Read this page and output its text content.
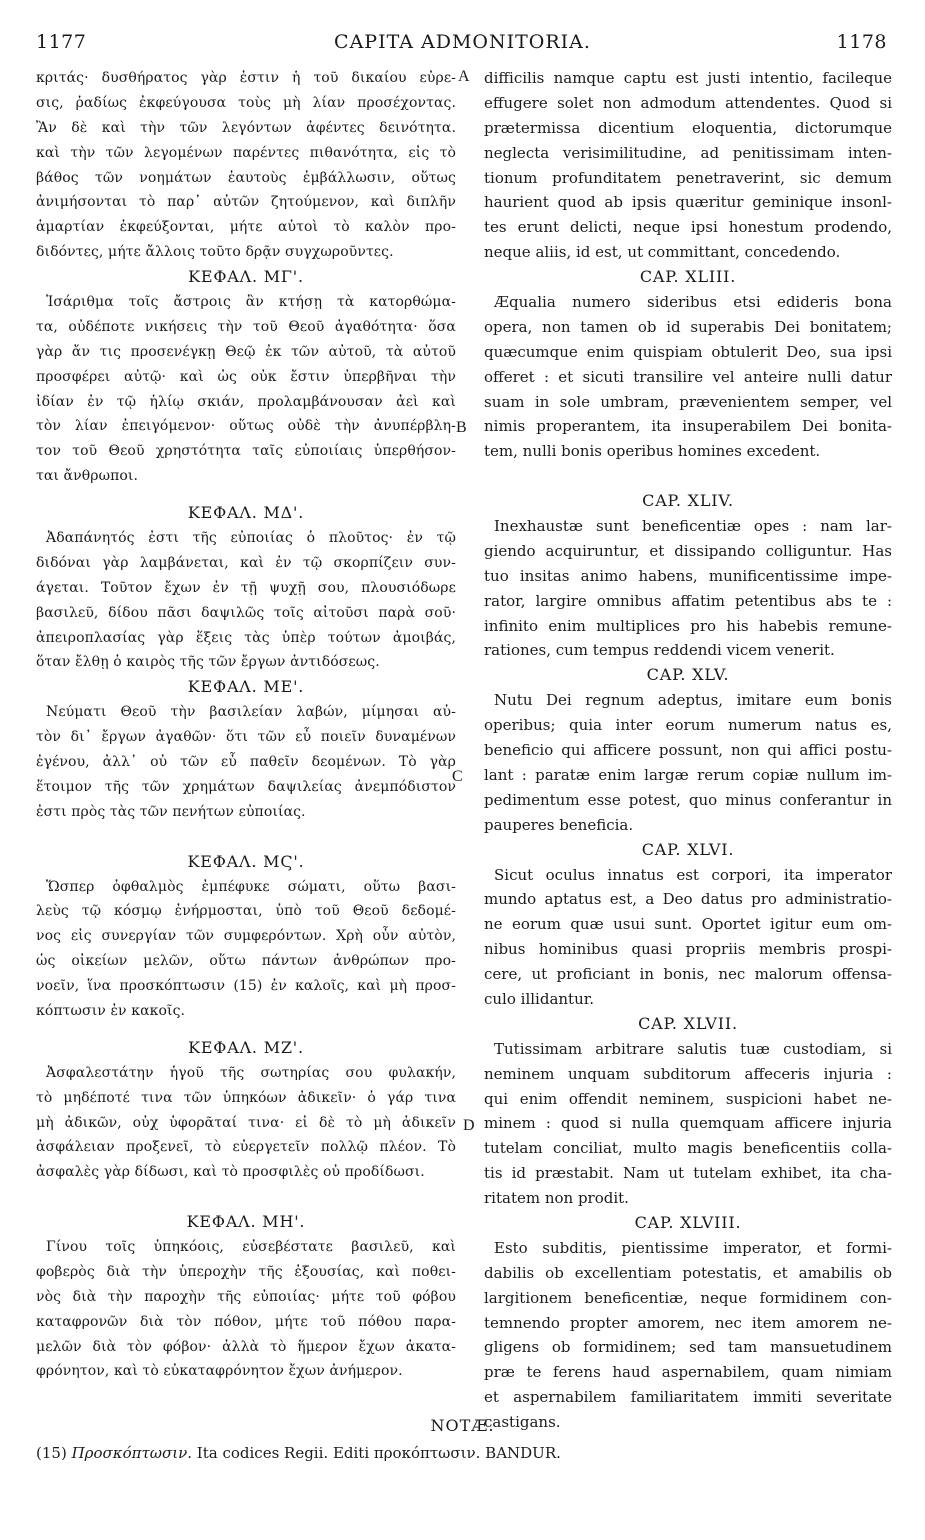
1177	CAPITA ADMONITORIA.	1178
κριτάς· δυσθήρατος γὰρ ἐστιν ἡ τοῦ δικαίου εὐρε-
σις, ῥαδίως ἐκφεύγουσα τοὺς μὴ λίαν προσέχοντας.
Ἂν δὲ καὶ τὴν τῶν λεγόντων ἀφέντες δεινότητα.
καὶ τὴν τῶν λεγομένων παρέντες πιθανότητα, εἰς τὸ
βάθος τῶν νοημάτων ἑαυτοὺς ἐμβάλλωσιν, οὕτως
ἀνιμήσονται τὸ παρ᾽ αὐτῶν ζητούμενον, καὶ διπλῆν
ἁμαρτίαν ἐκφεύξονται, μήτε αὐτοὶ τὸ καλὸν προ-
διδόντες, μήτε ἄλλοις τοῦτο δρᾷν συγχωροῦντες.
ΚΕΦΑΛ. ΜΓ'.
Ἰσάριθμα τοῖς ἄστροις ἂν κτήσῃ τὰ κατορθώμα-
τα, οὐδέποτε νικήσεις τὴν τοῦ Θεοῦ ἀγαθότητα· ὅσα
γὰρ ἄν τις προσενέγκῃ Θεῷ ἐκ τῶν αὐτοῦ, τὰ αὐτοῦ
προσφέρει αὐτῷ· καὶ ὡς οὐκ ἔστιν ὑπερβῆναι τὴν
ἰδίαν ἐν τῷ ἡλίῳ σκιάν, προλαμβάνουσαν ἀεὶ καὶ
τὸν λίαν ἐπειγόμενον· οὕτως οὐδὲ τὴν ἀνυπέρβλη-
τον τοῦ Θεοῦ χρηστότητα ταῖς εὐποιίαις ὑπερθήσον-
ται ἄνθρωποι.
ΚΕΦΑΛ. ΜΔ'.
Ἀδαπάνητός ἐστι τῆς εὐποιίας ὁ πλοῦτος· ἐν τῷ
διδόναι γὰρ λαμβάνεται, καὶ ἐν τῷ σκορπίζειν συν-
άγεται. Τοῦτον ἔχων ἐν τῇ ψυχῇ σου, πλουσιόδωρε
βασιλεῦ, δίδου πᾶσι δαψιλῶς τοῖς αἰτοῦσι παρὰ σοῦ·
ἀπειροπλασίας γὰρ ἕξεις τὰς ὑπὲρ τούτων ἀμοιβάς,
ὅταν ἔλθῃ ὁ καιρὸς τῆς τῶν ἔργων ἀντιδόσεως.
ΚΕΦΑΛ. ΜΕ'.
Νεύματι Θεοῦ τὴν βασιλείαν λαβών, μίμησαι αὐ-
τὸν δι᾽ ἔργων ἀγαθῶν· ὅτι τῶν εὖ ποιεῖν δυναμένων
ἐγένου, ἀλλ᾽ οὐ τῶν εὖ παθεῖν δεομένων. Τὸ γὰρ
ἕτοιμον τῆς τῶν χρημάτων δαψιλείας ἀνεμπόδιστον
ἐστι πρὸς τὰς τῶν πενήτων εὐποιίας.
ΚΕΦΑΛ. ΜϚ'.
Ὥσπερ ὀφθαλμὸς ἐμπέφυκε σώματι, οὕτω βασι-
λεὺς τῷ κόσμῳ ἐνήρμοσται, ὑπὸ τοῦ Θεοῦ δεδομέ-
νος εἰς συνεργίαν τῶν συμφερόντων. Χρὴ οὖν αὐτὸν,
ὡς οἰκείων μελῶν, οὕτω πάντων ἀνθρώπων προ-
νοεῖν, ἵνα προσκόπτωσιν (15) ἐν καλοῖς, καὶ μὴ προσ-
κόπτωσιν ἐν κακοῖς.
ΚΕΦΑΛ. ΜΖ'.
Ἀσφαλεστάτην ἡγοῦ τῆς σωτηρίας σου φυλακήν,
τὸ μηδέποτέ τινα τῶν ὑπηκόων ἀδικεῖν· ὁ γάρ τινα
μὴ ἀδικῶν, οὐχ ὑφορᾶταί τινα· εἰ δὲ τὸ μὴ ἀδικεῖν
ἀσφάλειαν προξενεῖ, τὸ εὐεργετεῖν πολλῷ πλέον. Τὸ
ἀσφαλὲς γὰρ δίδωσι, καὶ τὸ προσφιλὲς οὐ προδίδωσι.
ΚΕΦΑΛ. ΜΗ'.
Γίνου τοῖς ὑπηκόοις, εὐσεβέστατε βασιλεῦ, καὶ
φοβερὸς διὰ τὴν ὑπεροχὴν τῆς ἐξουσίας, καὶ ποθει-
νὸς διὰ τὴν παροχὴν τῆς εὐποιίας· μήτε τοῦ φόβου
καταφρονῶν διὰ τὸν πόθον, μήτε τοῦ πόθου παρα-
μελῶν διὰ τὸν φόβον· ἀλλὰ τὸ ἥμερον ἔχων ἀκατα-
φρόνητον, καὶ τὸ εὐκαταφρόνητον ἔχων ἀνήμερον.
difficilis namque captu est justi intentio, facileque
effugere solet non admodum attendentes. Quod si
prætermissa dicentium eloquentia, dictorumque
neglecta verisimilitudine, ad penitissimam inten-
tionum profunditatem penetraverint, sic demum
haurient quod ab ipsis quæritur geminique insonl-
tes erunt delicti, neque ipsi honestum prodendo,
neque aliis, id est, ut committant, concedendo.
CAP. XLIII.
Æqualia numero sideribus etsi edideris bona
opera, non tamen ob id superabis Dei bonitatem;
quæcumque enim quispiam obtulerit Deo, sua ipsi
offeret : et sicuti transilire vel anteire nulli datur
suam in sole umbram, prævenientem semper, vel
nimis properantem, ita insuperabilem Dei bonita-
tem, nulli bonis operibus homines excedent.
CAP. XLIV.
Inexhaustæ sunt beneficentiæ opes : nam lar-
giendo acquiruntur, et dissipando colliguntur. Has
tuo insitas animo habens, munificentissime impe-
rator, largire omnibus affatim petentibus abs te :
infinito enim multiplices pro his habebis remune-
rationes, cum tempus reddendi vicem venerit.
CAP. XLV.
Nutu Dei regnum adeptus, imitare eum bonis
operibus; quia inter eorum numerum natus es,
beneficio qui afficere possunt, non qui affici postu-
lant : paratæ enim largæ rerum copiæ nullum im-
pedimentum esse potest, quo minus conferantur in
pauperes beneficia.
CAP. XLVI.
Sicut oculus innatus est corpori, ita imperator
mundo aptatus est, a Deo datus pro administratio-
ne eorum quæ usui sunt. Oportet igitur eum om-
nibus hominibus quasi propriis membris prospi-
cere, ut proficiant in bonis, nec malorum offensa-
culo illidantur.
CAP. XLVII.
Tutissimam arbitrare salutis tuæ custodiam, si
neminem unquam subditorum affeceris injuria :
qui enim offendit neminem, suspicioni habet ne-
minem : quod si nulla quemquam afficere injuria
tutelam conciliat, multo magis beneficentiis colla-
tis id præstabit. Nam ut tutelam exhibet, ita cha-
ritatem non prodit.
CAP. XLVIII.
Esto subditis, pientissime imperator, et formi-
dabilis ob excellentiam potestatis, et amabilis ob
largitionem beneficentiæ, neque formidinem con-
temnendo propter amorem, nec item amorem ne-
gligens ob formidinem; sed tam mansuetudinem
præ te ferens haud aspernabilem, quam nimiam
et aspernabilem familiaritatem immiti severitate
castigans.
A
B
C
D
NOTÆ.
(15) Προσκόπτωσιν. Ita codices Regii. Editi προκόπτωσιν. BANDUR.
